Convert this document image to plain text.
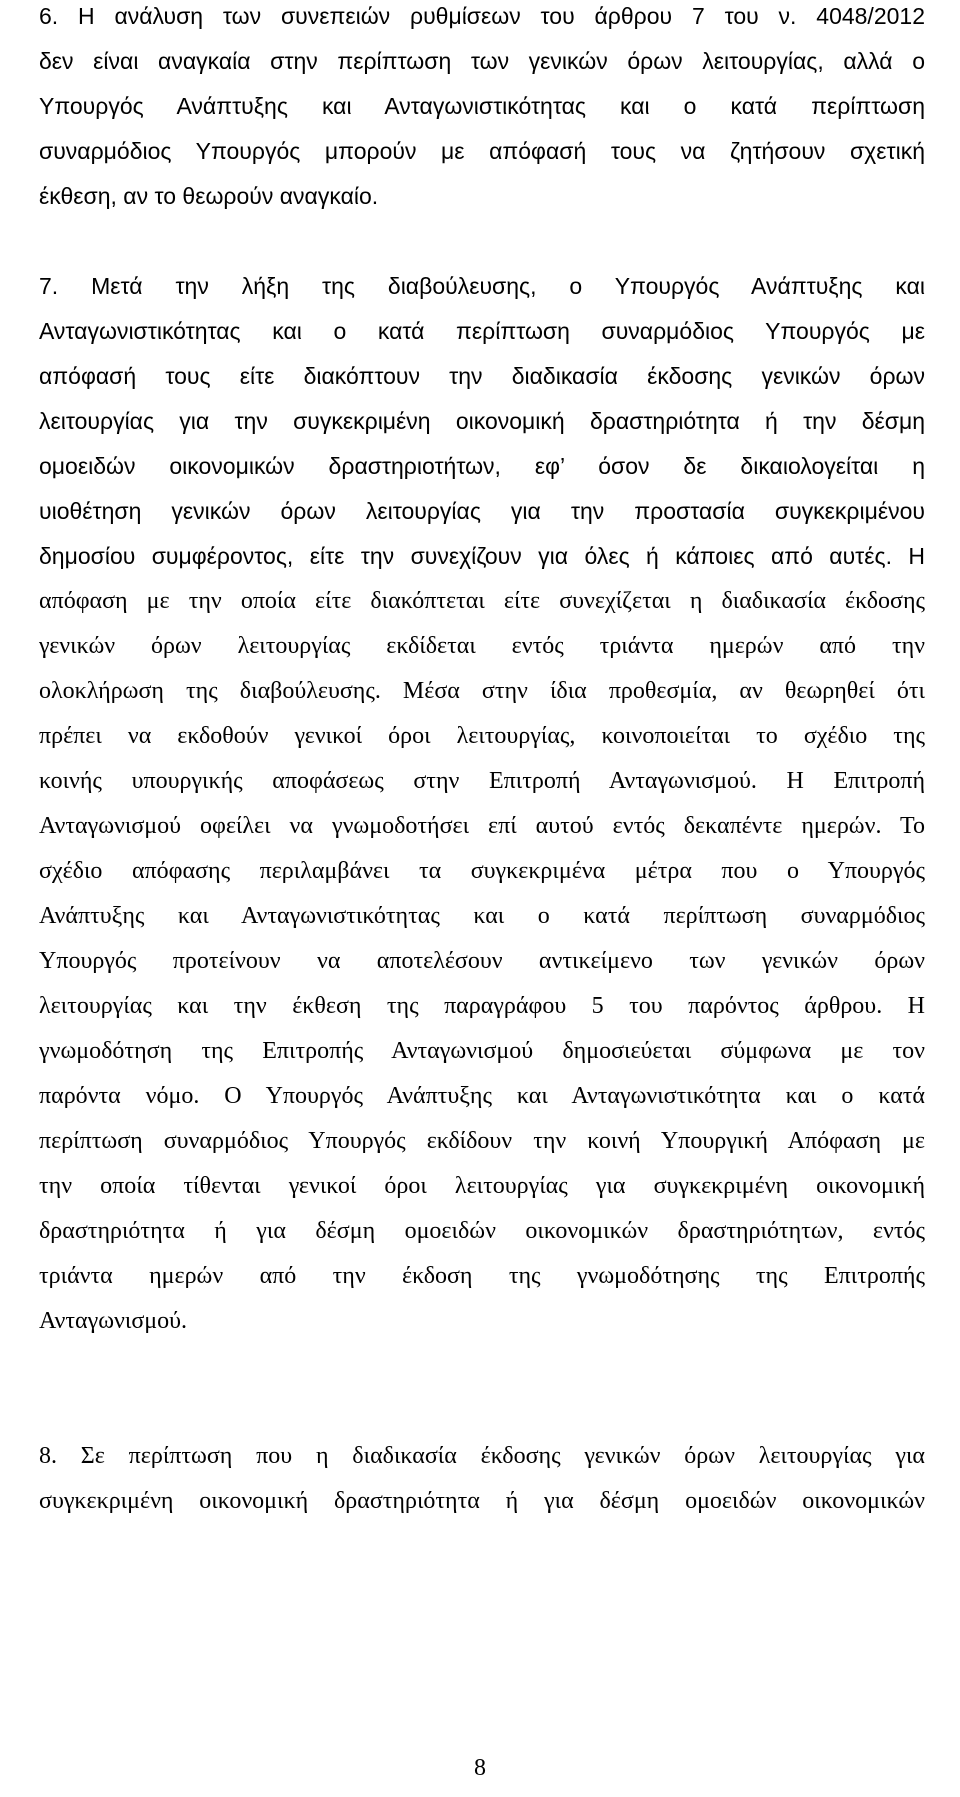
6. Η ανάλυση των συνεπειών ρυθμίσεων του άρθρου 7 του ν. 4048/2012
δεν είναι αναγκαία στην περίπτωση των γενικών όρων λειτουργίας, αλλά ο
Υπουργός Ανάπτυξης και Ανταγωνιστικότητας και ο κατά περίπτωση
συναρμόδιος Υπουργός μπορούν με απόφασή τους να ζητήσουν σχετική
έκθεση, αν το θεωρούν αναγκαίο.
7. Μετά την λήξη της διαβούλευσης, ο Υπουργός Ανάπτυξης και
Ανταγωνιστικότητας και ο κατά περίπτωση συναρμόδιος Υπουργός με
απόφασή τους είτε διακόπτουν την διαδικασία έκδοσης γενικών όρων
λειτουργίας για την συγκεκριμένη οικονομική δραστηριότητα ή την δέσμη
ομοειδών οικονομικών δραστηριοτήτων, εφ’ όσον δε δικαιολογείται η
υιοθέτηση γενικών όρων λειτουργίας για την προστασία συγκεκριμένου
δημοσίου συμφέροντος, είτε την συνεχίζουν για όλες ή κάποιες από αυτές. Η
απόφαση με την οποία είτε διακόπτεται είτε συνεχίζεται η διαδικασία έκδοσης
γενικών όρων λειτουργίας εκδίδεται εντός τριάντα ημερών από την
ολοκλήρωση της διαβούλευσης. Μέσα στην ίδια προθεσμία, αν θεωρηθεί ότι
πρέπει να εκδοθούν γενικοί όροι λειτουργίας, κοινοποιείται το σχέδιο της
κοινής υπουργικής αποφάσεως στην Επιτροπή Ανταγωνισμού. Η Επιτροπή
Ανταγωνισμού οφείλει να γνωμοδοτήσει επί αυτού εντός δεκαπέντε ημερών. Το
σχέδιο απόφασης περιλαμβάνει τα συγκεκριμένα μέτρα που ο Υπουργός
Ανάπτυξης και Ανταγωνιστικότητας και ο κατά περίπτωση συναρμόδιος
Υπουργός προτείνουν να αποτελέσουν αντικείμενο των γενικών όρων
λειτουργίας και την έκθεση της παραγράφου 5 του παρόντος άρθρου. Η
γνωμοδότηση της Επιτροπής Ανταγωνισμού δημοσιεύεται σύμφωνα με τον
παρόντα νόμο. Ο Υπουργός Ανάπτυξης και Ανταγωνιστικότητα και ο κατά
περίπτωση συναρμόδιος Υπουργός εκδίδουν την κοινή Υπουργική Απόφαση με
την οποία τίθενται γενικοί όροι λειτουργίας για συγκεκριμένη οικονομική
δραστηριότητα ή για δέσμη ομοειδών οικονομικών δραστηριότητων, εντός
τριάντα ημερών από την έκδοση της γνωμοδότησης της Επιτροπής
Ανταγωνισμού.
8. Σε περίπτωση που η διαδικασία έκδοσης γενικών όρων λειτουργίας για
συγκεκριμένη οικονομική δραστηριότητα ή για δέσμη ομοειδών οικονομικών
8
